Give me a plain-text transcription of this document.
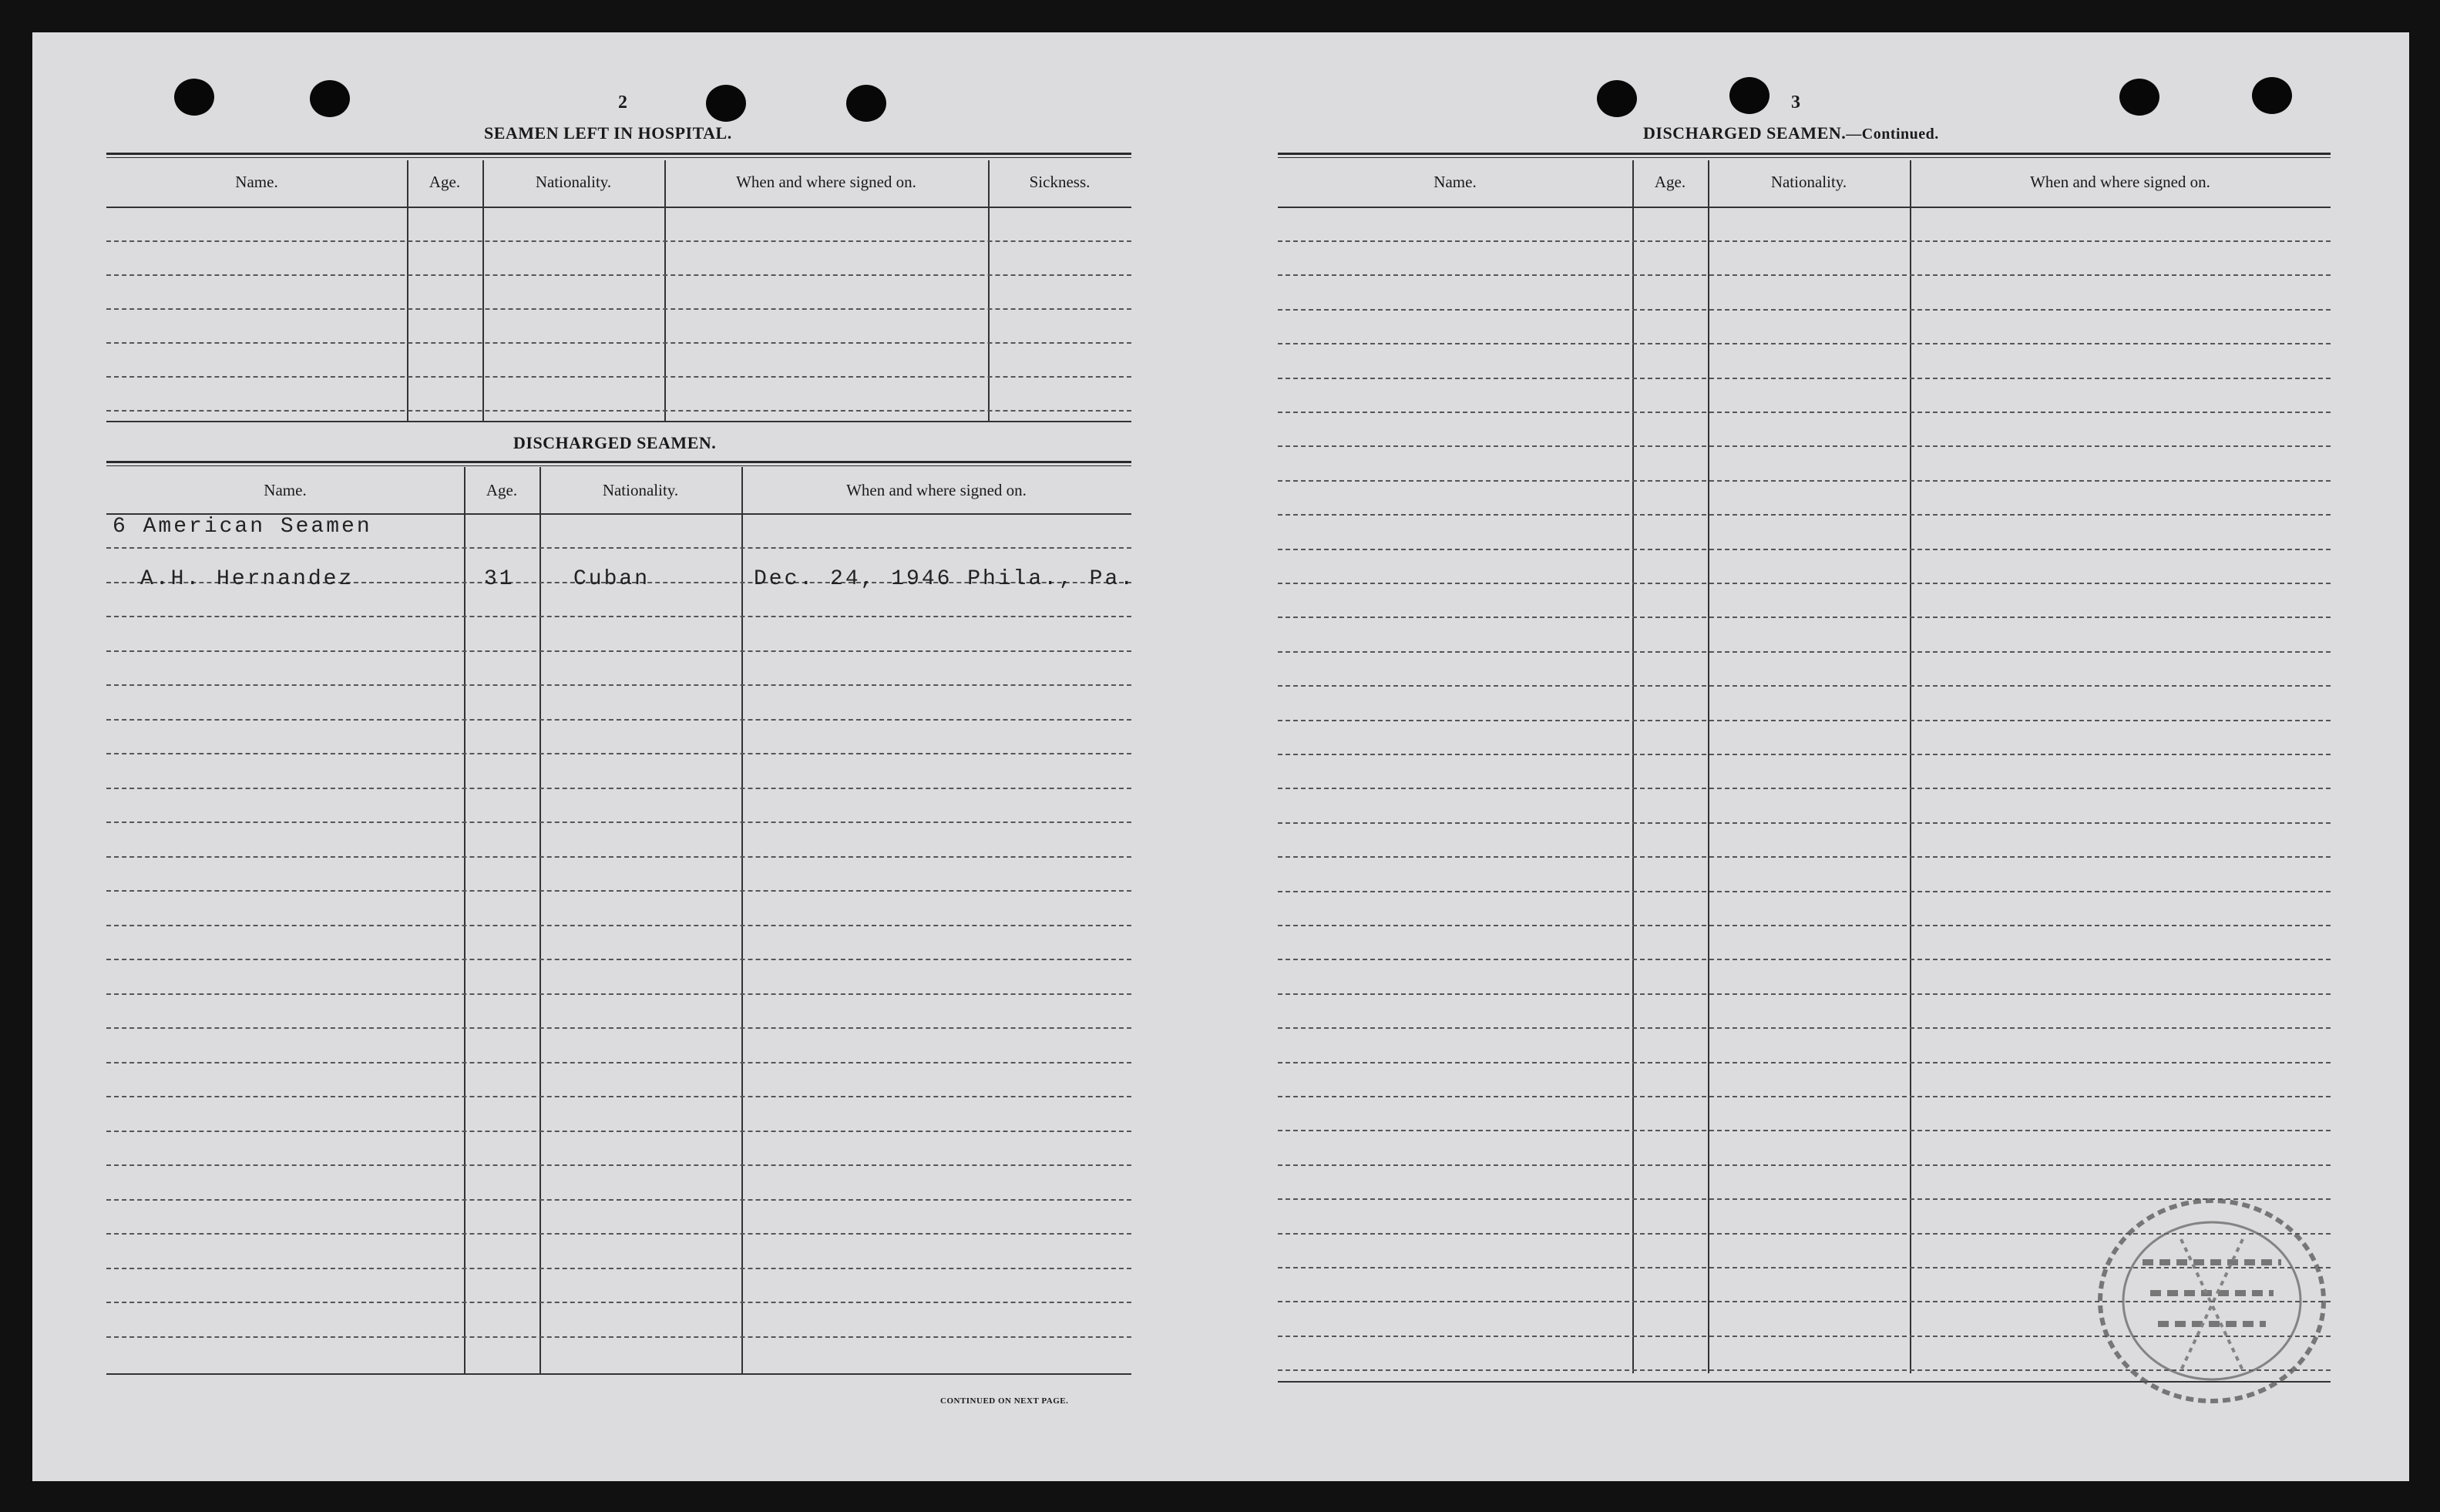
2
SEAMEN LEFT IN HOSPITAL.
Name.	Age.	Nationality.	When and where signed on.	Sickness.
DISCHARGED SEAMEN.
Name.	Age.	Nationality.	When and where signed on.
6 American Seamen
A.H. Hernandez	31	Cuban	Dec. 24, 1946 Phila., Pa.
CONTINUED ON NEXT PAGE.
3
DISCHARGED SEAMEN.—Continued.
Name.	Age.	Nationality.	When and where signed on.
